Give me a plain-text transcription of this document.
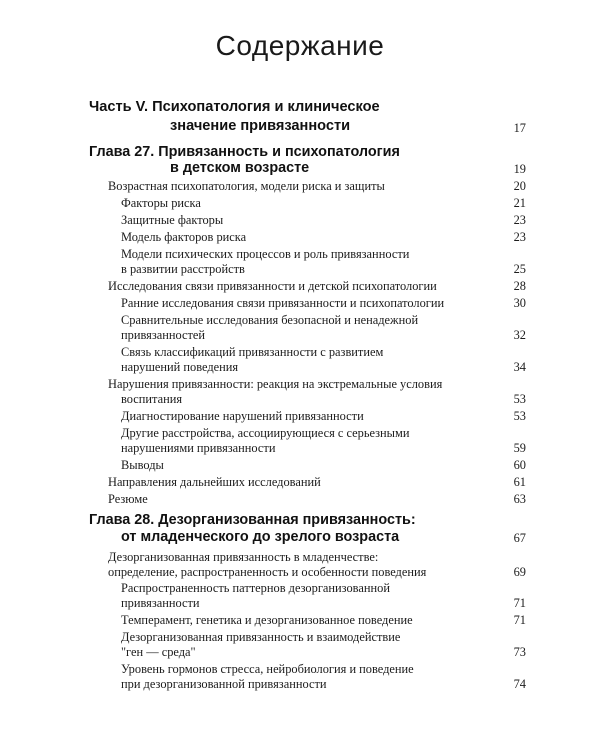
Содержание
Часть V. Психопатология и клиническое
значение привязанности	17
Глава 27. Привязанность и психопатология
в детском возрасте	19
Возрастная психопатология, модели риска и защиты	20
Факторы риска	21
Защитные факторы	23
Модель факторов риска	23
Модели психических процессов и роль привязанности
в развитии расстройств	25
Исследования связи привязанности и детской психопатологии	28
Ранние исследования связи привязанности и психопатологии	30
Сравнительные исследования безопасной и ненадежной
привязанностей	32
Связь классификаций привязанности с развитием
нарушений поведения	34
Нарушения привязанности: реакция на экстремальные условия
воспитания	53
Диагностирование нарушений привязанности	53
Другие расстройства, ассоциирующиеся с серьезными
нарушениями привязанности	59
Выводы	60
Направления дальнейших исследований	61
Резюме	63
Глава 28. Дезорганизованная привязанность:
от младенческого до зрелого возраста	67
Дезорганизованная привязанность в младенчестве:
определение, распространенность и особенности поведения	69
Распространенность паттернов дезорганизованной
привязанности	71
Темперамент, генетика и дезорганизованное поведение	71
Дезорганизованная привязанность и взаимодействие
"ген — среда"	73
Уровень гормонов стресса, нейробиология и поведение
при дезорганизованной привязанности	74
